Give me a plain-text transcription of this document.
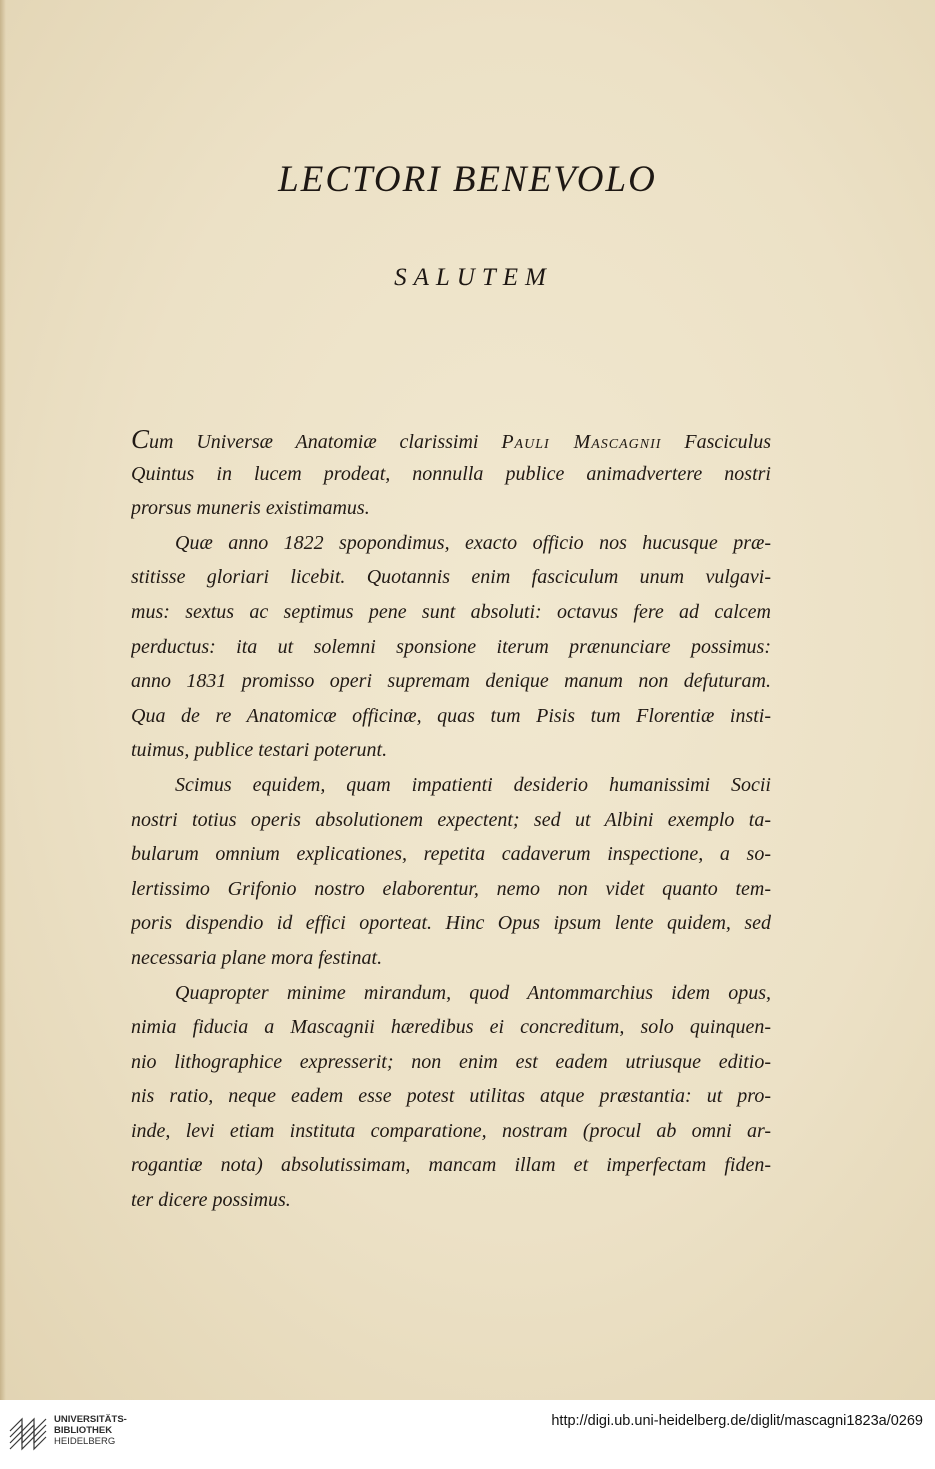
LECTORI BENEVOLO
SALUTEM
Cum Universæ Anatomiæ clarissimi Pauli Mascagnii Fasciculus
Quintus in lucem prodeat, nonnulla publice animadvertere nostri
prorsus muneris existimamus.
Quæ anno 1822 spopondimus, exacto officio nos hucusque præ-
stitisse gloriari licebit. Quotannis enim fasciculum unum vulgavi-
mus: sextus ac septimus pene sunt absoluti: octavus fere ad calcem
perductus: ita ut solemni sponsione iterum prænunciare possimus:
anno 1831 promisso operi supremam denique manum non defuturam.
Qua de re Anatomicæ officinæ, quas tum Pisis tum Florentiæ insti-
tuimus, publice testari poterunt.
Scimus equidem, quam impatienti desiderio humanissimi Socii
nostri totius operis absolutionem expectent; sed ut Albini exemplo ta-
bularum omnium explicationes, repetita cadaverum inspectione, a so-
lertissimo Grifonio nostro elaborentur, nemo non videt quanto tem-
poris dispendio id effici oporteat. Hinc Opus ipsum lente quidem, sed
necessaria plane mora festinat.
Quapropter minime mirandum, quod Antommarchius idem opus,
nimia fiducia a Mascagnii hæredibus ei concreditum, solo quinquen-
nio lithographice expresserit; non enim est eadem utriusque editio-
nis ratio, neque eadem esse potest utilitas atque præstantia: ut pro-
inde, levi etiam instituta comparatione, nostram (procul ab omni ar-
rogantiæ nota) absolutissimam, mancam illam et imperfectam fiden-
ter dicere possimus.
UNIVERSITÄTS-
BIBLIOTHEK
HEIDELBERG
http://digi.ub.uni-heidelberg.de/diglit/mascagni1823a/0269
